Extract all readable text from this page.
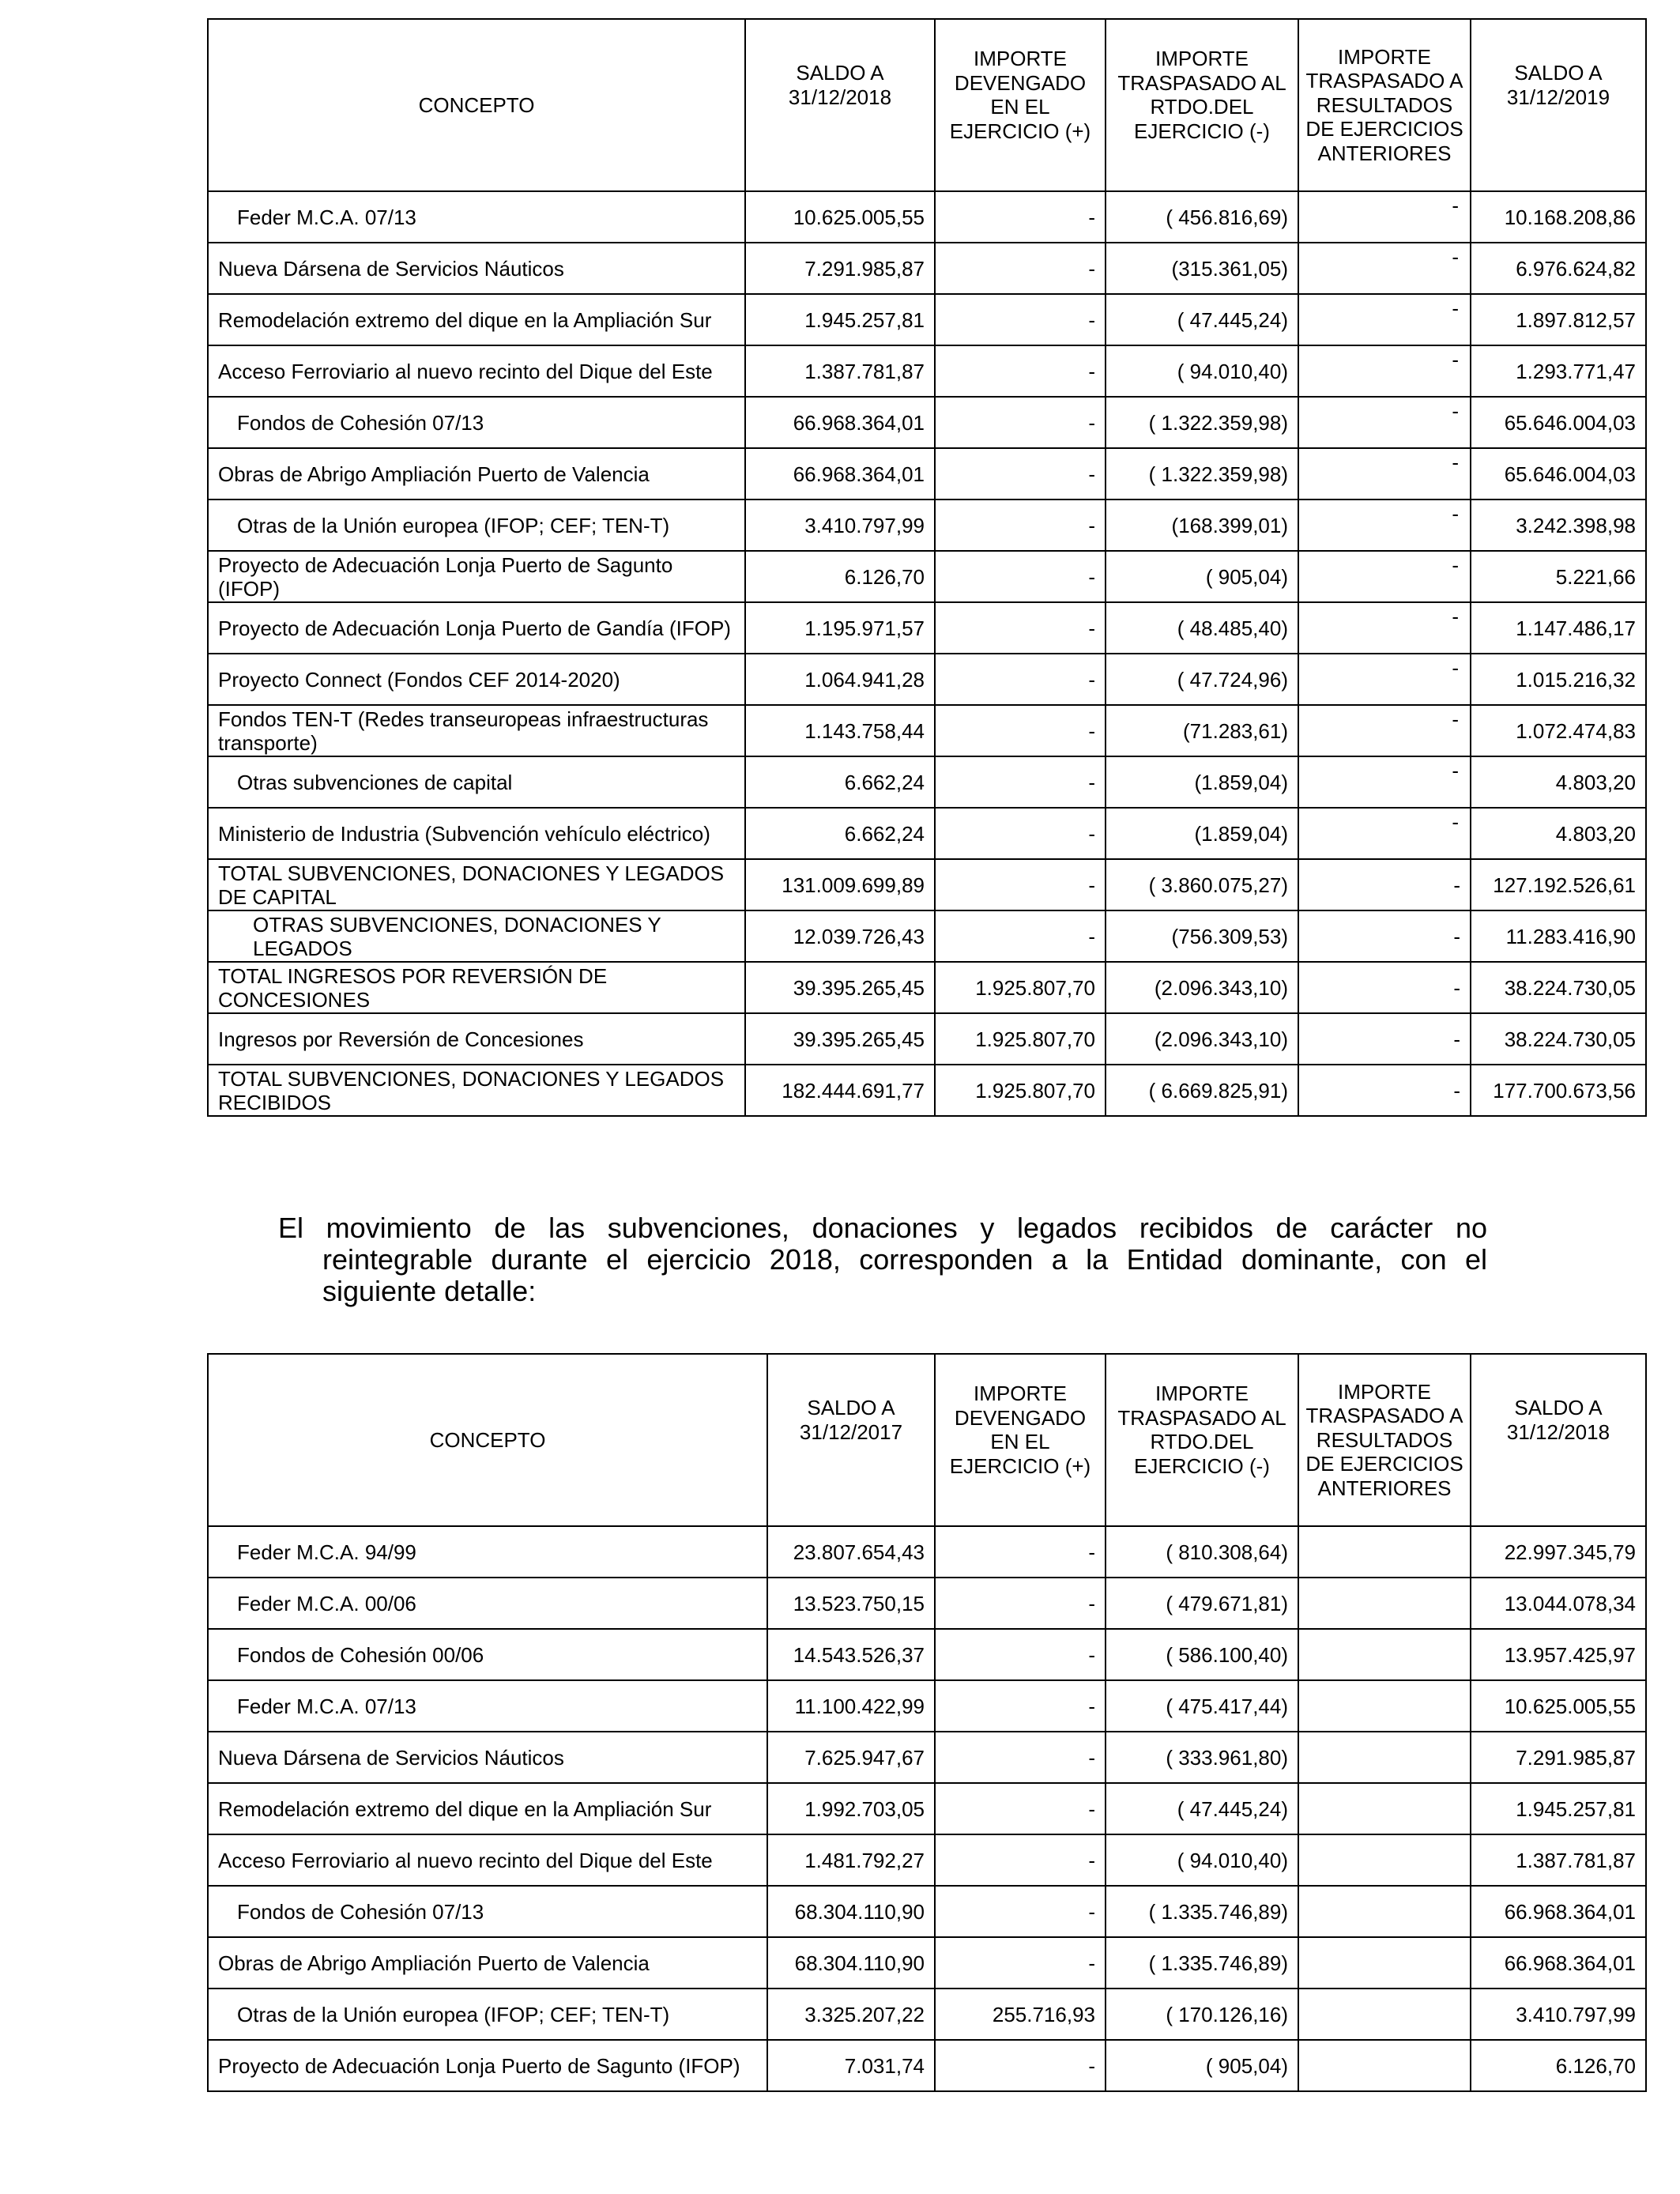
CONCEPTO	SALDO A 31/12/2018	IMPORTE DEVENGADO EN EL EJERCICIO (+)	IMPORTE TRASPASADO AL RTDO.DEL EJERCICIO (-)	IMPORTE TRASPASADO A RESULTADOS DE EJERCICIOS ANTERIORES	SALDO A 31/12/2019
Feder M.C.A. 07/13	10.625.005,55	-	( 456.816,69)	-	10.168.208,86
Nueva Dársena de Servicios Náuticos	7.291.985,87	-	(315.361,05)	-	6.976.624,82
Remodelación extremo del dique en la Ampliación Sur	1.945.257,81	-	( 47.445,24)	-	1.897.812,57
Acceso Ferroviario al nuevo recinto del Dique del Este	1.387.781,87	-	( 94.010,40)	-	1.293.771,47
Fondos de Cohesión 07/13	66.968.364,01	-	( 1.322.359,98)	-	65.646.004,03
Obras de Abrigo Ampliación Puerto de Valencia	66.968.364,01	-	( 1.322.359,98)	-	65.646.004,03
Otras de la Unión europea (IFOP; CEF; TEN-T)	3.410.797,99	-	(168.399,01)	-	3.242.398,98
Proyecto de Adecuación Lonja Puerto de Sagunto (IFOP)	6.126,70	-	( 905,04)	-	5.221,66
Proyecto de Adecuación Lonja Puerto de Gandía (IFOP)	1.195.971,57	-	( 48.485,40)	-	1.147.486,17
Proyecto Connect (Fondos CEF 2014-2020)	1.064.941,28	-	( 47.724,96)	-	1.015.216,32
Fondos TEN-T (Redes transeuropeas infraestructuras transporte)	1.143.758,44	-	(71.283,61)	-	1.072.474,83
Otras subvenciones de capital	6.662,24	-	(1.859,04)	-	4.803,20
Ministerio de Industria (Subvención vehículo eléctrico)	6.662,24	-	(1.859,04)	-	4.803,20
TOTAL SUBVENCIONES, DONACIONES Y LEGADOS DE CAPITAL	131.009.699,89	-	( 3.860.075,27)	-	127.192.526,61
OTRAS SUBVENCIONES, DONACIONES Y LEGADOS	12.039.726,43	-	(756.309,53)	-	11.283.416,90
TOTAL INGRESOS POR REVERSIÓN DE CONCESIONES	39.395.265,45	1.925.807,70	(2.096.343,10)	-	38.224.730,05
Ingresos por Reversión de Concesiones	39.395.265,45	1.925.807,70	(2.096.343,10)	-	38.224.730,05
TOTAL SUBVENCIONES, DONACIONES Y LEGADOS RECIBIDOS	182.444.691,77	1.925.807,70	( 6.669.825,91)	-	177.700.673,56
El movimiento de las subvenciones, donaciones y legados recibidos de carácter no
reintegrable durante el ejercicio 2018, corresponden a la Entidad dominante, con el
siguiente detalle:
CONCEPTO	SALDO A 31/12/2017	IMPORTE DEVENGADO EN EL EJERCICIO (+)	IMPORTE TRASPASADO AL RTDO.DEL EJERCICIO (-)	IMPORTE TRASPASADO A RESULTADOS DE EJERCICIOS ANTERIORES	SALDO A 31/12/2018
Feder M.C.A. 94/99	23.807.654,43	-	( 810.308,64)		22.997.345,79
Feder M.C.A. 00/06	13.523.750,15	-	( 479.671,81)		13.044.078,34
Fondos de Cohesión 00/06	14.543.526,37	-	( 586.100,40)		13.957.425,97
Feder M.C.A. 07/13	11.100.422,99	-	( 475.417,44)		10.625.005,55
Nueva Dársena de Servicios Náuticos	7.625.947,67	-	( 333.961,80)		7.291.985,87
Remodelación extremo del dique en la Ampliación Sur	1.992.703,05	-	( 47.445,24)		1.945.257,81
Acceso Ferroviario al nuevo recinto del Dique del Este	1.481.792,27	-	( 94.010,40)		1.387.781,87
Fondos de Cohesión 07/13	68.304.110,90	-	( 1.335.746,89)		66.968.364,01
Obras de Abrigo Ampliación Puerto de Valencia	68.304.110,90	-	( 1.335.746,89)		66.968.364,01
Otras de la Unión europea (IFOP; CEF; TEN-T)	3.325.207,22	255.716,93	( 170.126,16)		3.410.797,99
Proyecto de Adecuación Lonja Puerto de Sagunto (IFOP)	7.031,74	-	( 905,04)		6.126,70
